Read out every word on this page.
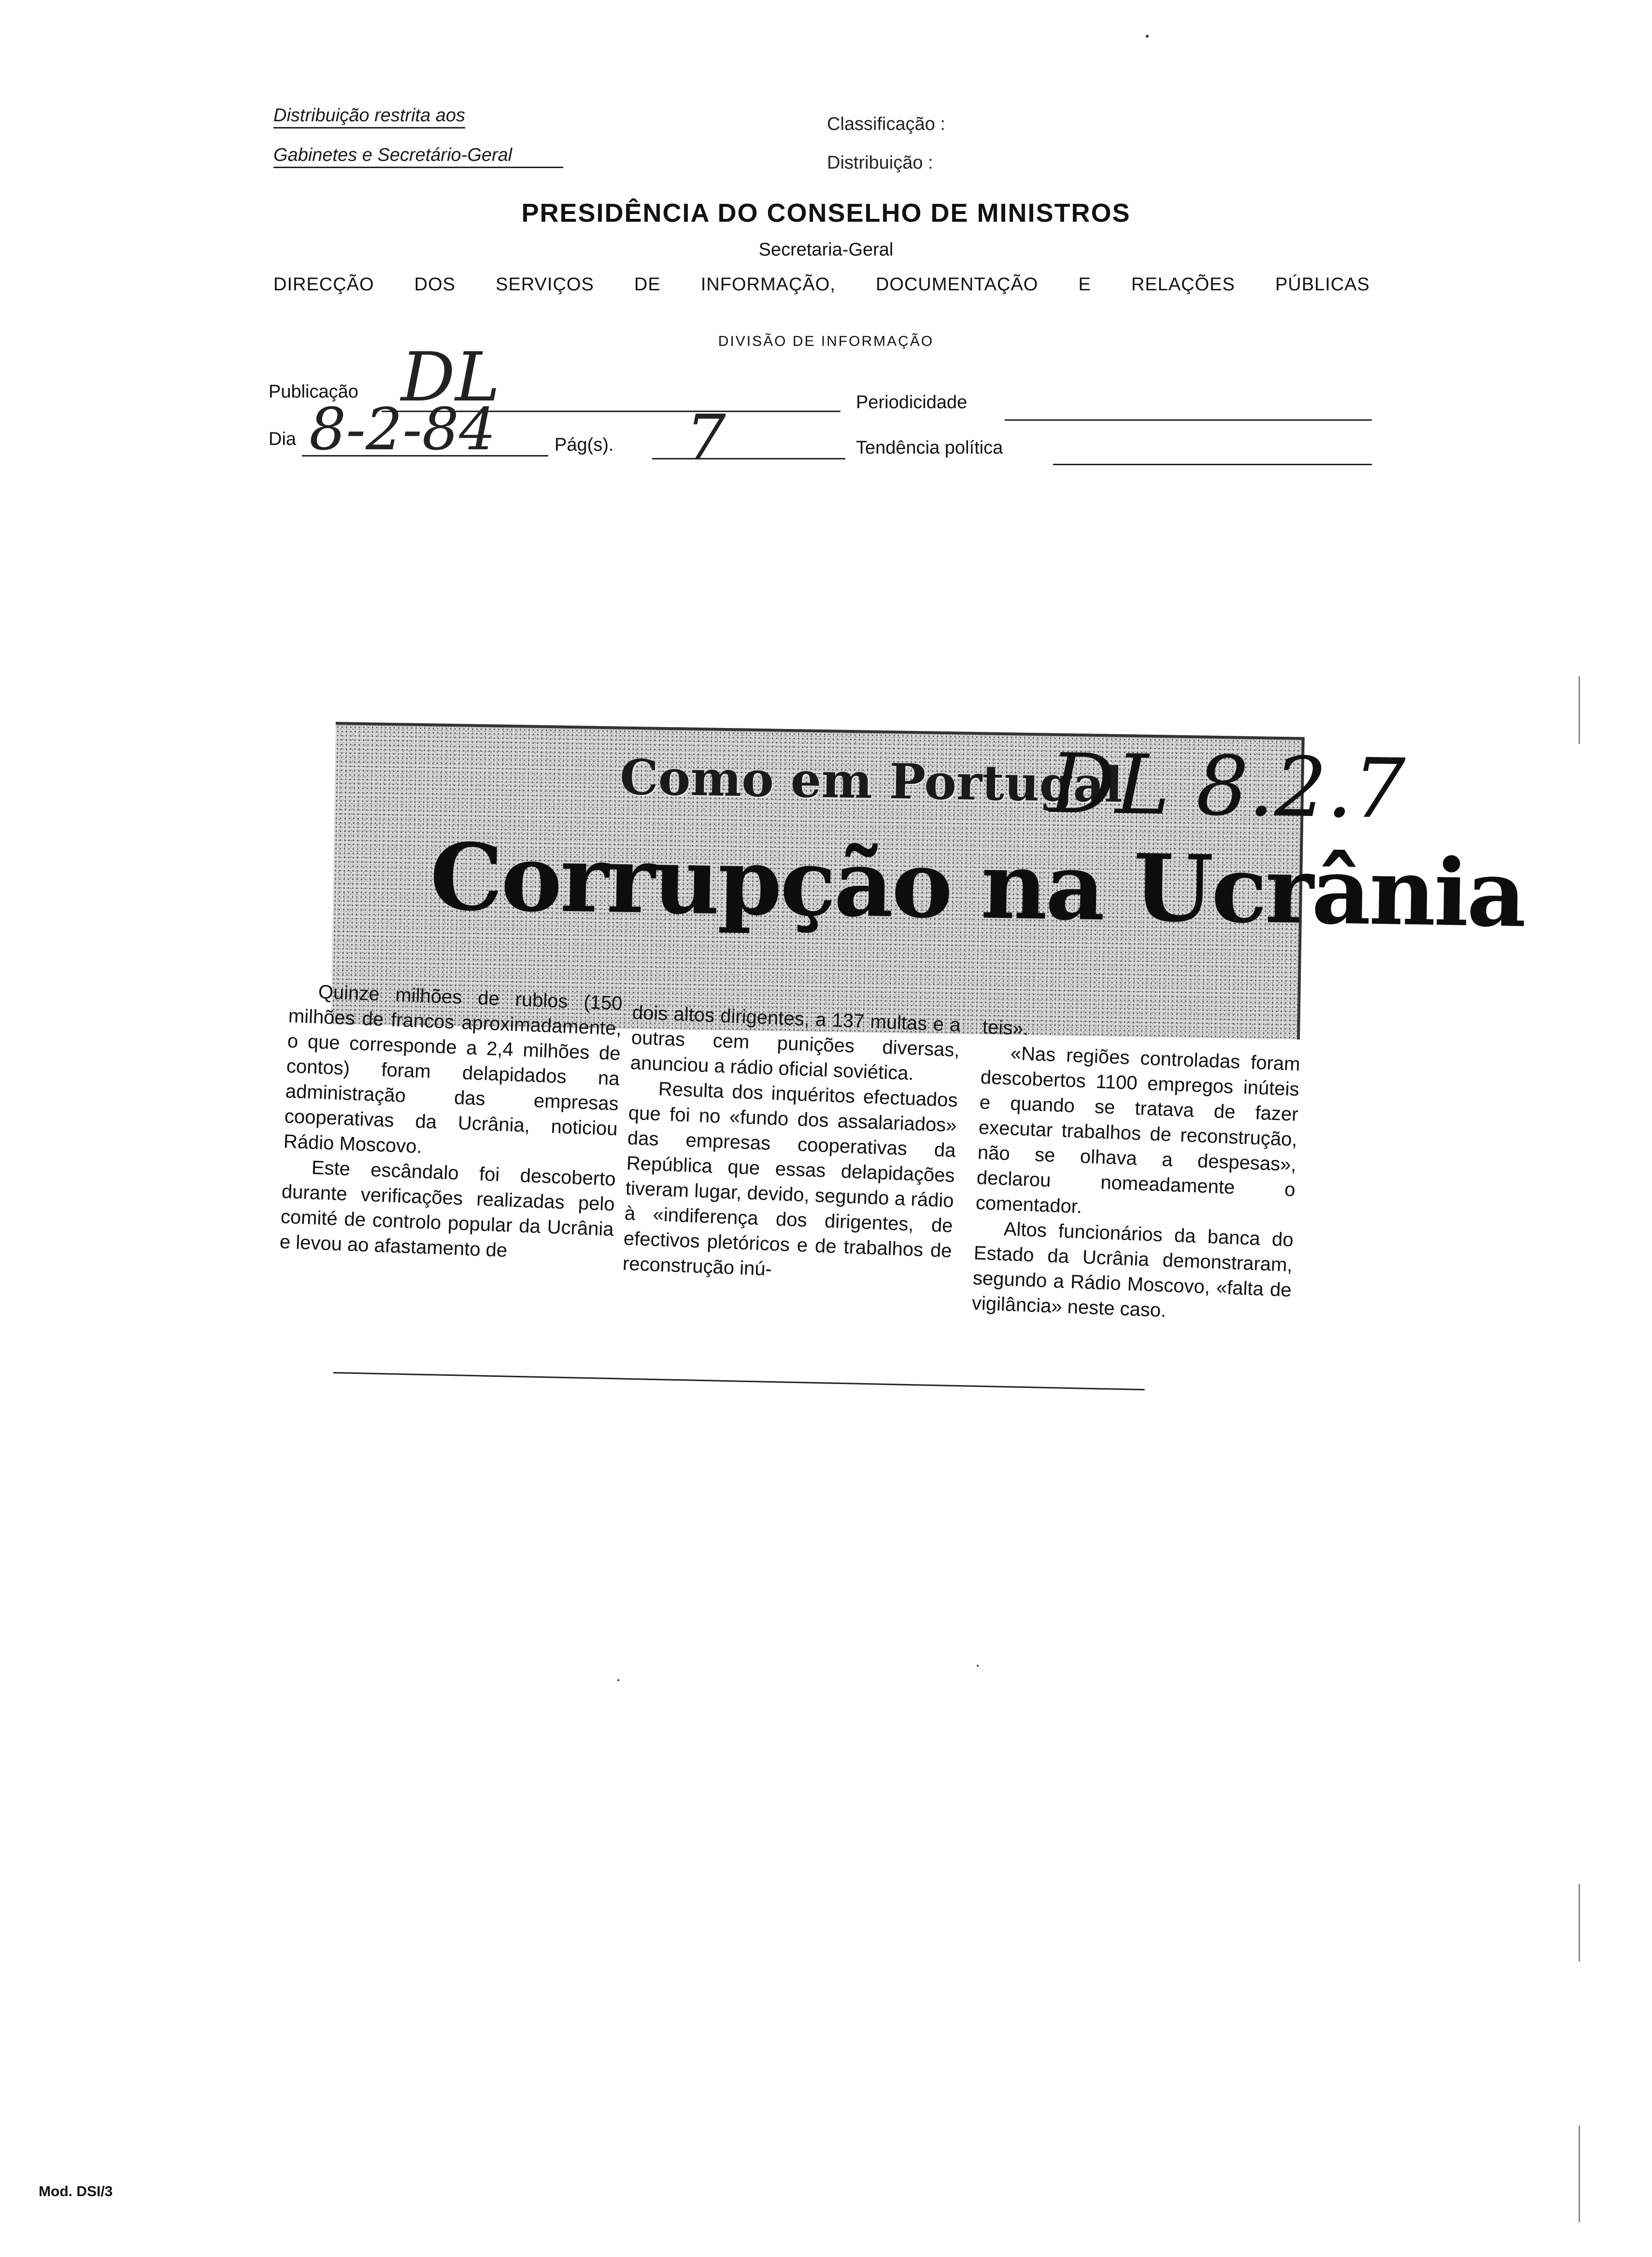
Distribuição restrita aos
Gabinetes e Secretário-Geral
Classificação :
Distribuição :
PRESIDÊNCIA DO CONSELHO DE MINISTROS
Secretaria-Geral
DIRECÇÃO DOS SERVIÇOS DE INFORMAÇÃO, DOCUMENTAÇÃO E RELAÇÕES PÚBLICAS
DIVISÃO DE INFORMAÇÃO
Publicação DL	Periodicidade
Dia 8-2-84	Pág(s). 7	Tendência política
Como em Portugal
Corrupção na Ucrânia
DL 8.2.7

Quinze milhões de rublos (150 milhões de francos aproximadamente, o que corresponde a 2,4 milhões de contos) foram delapidados na administração das empresas cooperativas da Ucrânia, noticiou Rádio Moscovo.

Este escândalo foi descoberto durante verificações realizadas pelo comité de controlo popular da Ucrânia e levou ao afastamento de

dois altos dirigentes, a 137 multas e a outras cem punições diversas, anunciou a rádio oficial soviética.

Resulta dos inquéritos efectuados que foi no «fundo dos assalariados» das empresas cooperativas da República que essas delapidações tiveram lugar, devido, segundo a rádio à «indiferença dos dirigentes, de efectivos pletóricos e de trabalhos de reconstrução inú-

teis».

«Nas regiões controladas foram descobertos 1100 empregos inúteis e quando se tratava de fazer executar trabalhos de reconstrução, não se olhava a despesas», declarou nomeadamente o comentador.

Altos funcionários da banca do Estado da Ucrânia demonstraram, segundo a Rádio Moscovo, «falta de vigilância» neste caso.

Mod. DSI/3
